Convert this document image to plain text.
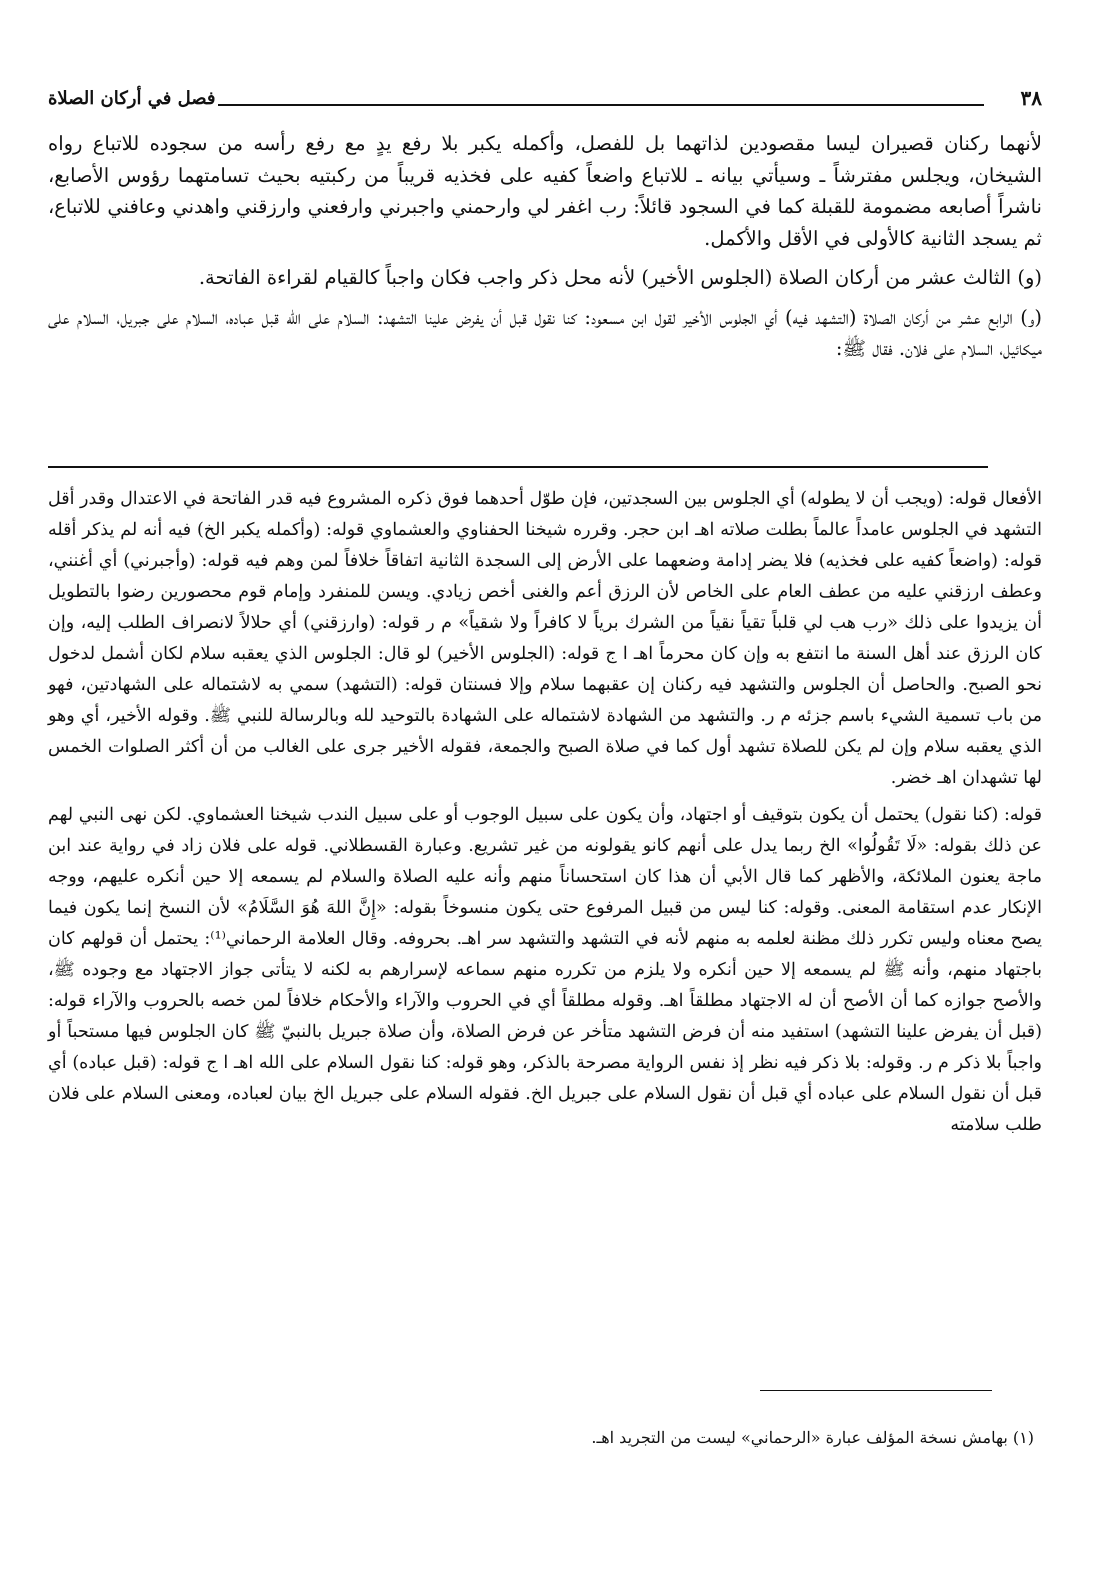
٣٨
فصل في أركان الصلاة

لأنهما ركنان قصيران ليسا مقصودين لذاتهما بل للفصل، وأكمله يكبر بلا رفع يدٍ مع رفع رأسه من سجوده للاتباع رواه الشيخان، ويجلس مفترشاً ـ وسيأتي بيانه ـ للاتباع واضعاً كفيه على فخذيه قريباً من ركبتيه بحيث تسامتهما رؤوس الأصابع، ناشراً أصابعه مضمومة للقبلة كما في السجود قائلاً: رب اغفر لي وارحمني واجبرني وارفعني وارزقني واهدني وعافني للاتباع، ثم يسجد الثانية كالأولى في الأقل والأكمل.

(و) الثالث عشر من أركان الصلاة (الجلوس الأخير) لأنه محل ذكر واجب فكان واجباً كالقيام لقراءة الفاتحة.

(و) الرابع عشر من أركان الصلاة (التشهد فيه) أي الجلوس الأخير لقول ابن مسعود: كنا نقول قبل أن يفرض علينا التشهد: السلام على الله قبل عباده، السلام على جبريل، السلام على ميكائيل، السلام على فلان. فقال ﷺ:

الأفعال قوله: (ويجب أن لا يطوله) أي الجلوس بين السجدتين، فإن طوّل أحدهما فوق ذكره المشروع فيه قدر الفاتحة في الاعتدال وقدر أقل التشهد في الجلوس عامداً عالماً بطلت صلاته اهـ ابن حجر. وقرره شيخنا الحفناوي والعشماوي قوله: (وأكمله يكبر الخ) فيه أنه لم يذكر أقله قوله: (واضعاً كفيه على فخذيه) فلا يضر إدامة وضعهما على الأرض إلى السجدة الثانية اتفاقاً خلافاً لمن وهم فيه قوله: (وأجبرني) أي أغنني، وعطف ارزقني عليه من عطف العام على الخاص لأن الرزق أعم والغنى أخص زيادي. ويسن للمنفرد وإمام قوم محصورين رضوا بالتطويل أن يزيدوا على ذلك «رب هب لي قلباً تقياً نقياً من الشرك برياً لا كافراً ولا شقياً» م ر قوله: (وارزقني) أي حلالاً لانصراف الطلب إليه، وإن كان الرزق عند أهل السنة ما انتفع به وإن كان محرماً اهـ ا ج قوله: (الجلوس الأخير) لو قال: الجلوس الذي يعقبه سلام لكان أشمل لدخول نحو الصبح. والحاصل أن الجلوس والتشهد فيه ركنان إن عقبهما سلام وإلا فسنتان قوله: (التشهد) سمي به لاشتماله على الشهادتين، فهو من باب تسمية الشيء باسم جزئه م ر. والتشهد من الشهادة لاشتماله على الشهادة بالتوحيد لله وبالرسالة للنبي ﷺ. وقوله الأخير، أي وهو الذي يعقبه سلام وإن لم يكن للصلاة تشهد أول كما في صلاة الصبح والجمعة، فقوله الأخير جرى على الغالب من أن أكثر الصلوات الخمس لها تشهدان اهـ خضر.

قوله: (كنا نقول) يحتمل أن يكون بتوقيف أو اجتهاد، وأن يكون على سبيل الوجوب أو على سبيل الندب شيخنا العشماوي. لكن نهى النبي لهم عن ذلك بقوله: «لَا تَقُولُوا» الخ ربما يدل على أنهم كانو يقولونه من غير تشريع. وعبارة القسطلاني. قوله على فلان زاد في رواية عند ابن ماجة يعنون الملائكة، والأظهر كما قال الأبي أن هذا كان استحساناً منهم وأنه عليه الصلاة والسلام لم يسمعه إلا حين أنكره عليهم، ووجه الإنكار عدم استقامة المعنى. وقوله: كنا ليس من قبيل المرفوع حتى يكون منسوخاً بقوله: «إِنَّ اللهَ هُوَ السَّلَامُ» لأن النسخ إنما يكون فيما يصح معناه وليس تكرر ذلك مظنة لعلمه به منهم لأنه في التشهد والتشهد سر اهـ. بحروفه. وقال العلامة الرحماني⁽¹⁾: يحتمل أن قولهم كان باجتهاد منهم، وأنه ﷺ لم يسمعه إلا حين أنكره ولا يلزم من تكرره منهم سماعه لإسرارهم به لكنه لا يتأتى جواز الاجتهاد مع وجوده ﷺ، والأصح جوازه كما أن الأصح أن له الاجتهاد مطلقاً اهـ. وقوله مطلقاً أي في الحروب والآراء والأحكام خلافاً لمن خصه بالحروب والآراء قوله: (قبل أن يفرض علينا التشهد) استفيد منه أن فرض التشهد متأخر عن فرض الصلاة، وأن صلاة جبريل بالنبيّ ﷺ كان الجلوس فيها مستحباً أو واجباً بلا ذكر م ر. وقوله: بلا ذكر فيه نظر إذ نفس الرواية مصرحة بالذكر، وهو قوله: كنا نقول السلام على الله اهـ ا ج قوله: (قبل عباده) أي قبل أن نقول السلام على عباده أي قبل أن نقول السلام على جبريل الخ. فقوله السلام على جبريل الخ بيان لعباده، ومعنى السلام على فلان طلب سلامته

(١) بهامش نسخة المؤلف عبارة «الرحماني» ليست من التجريد اهـ.
